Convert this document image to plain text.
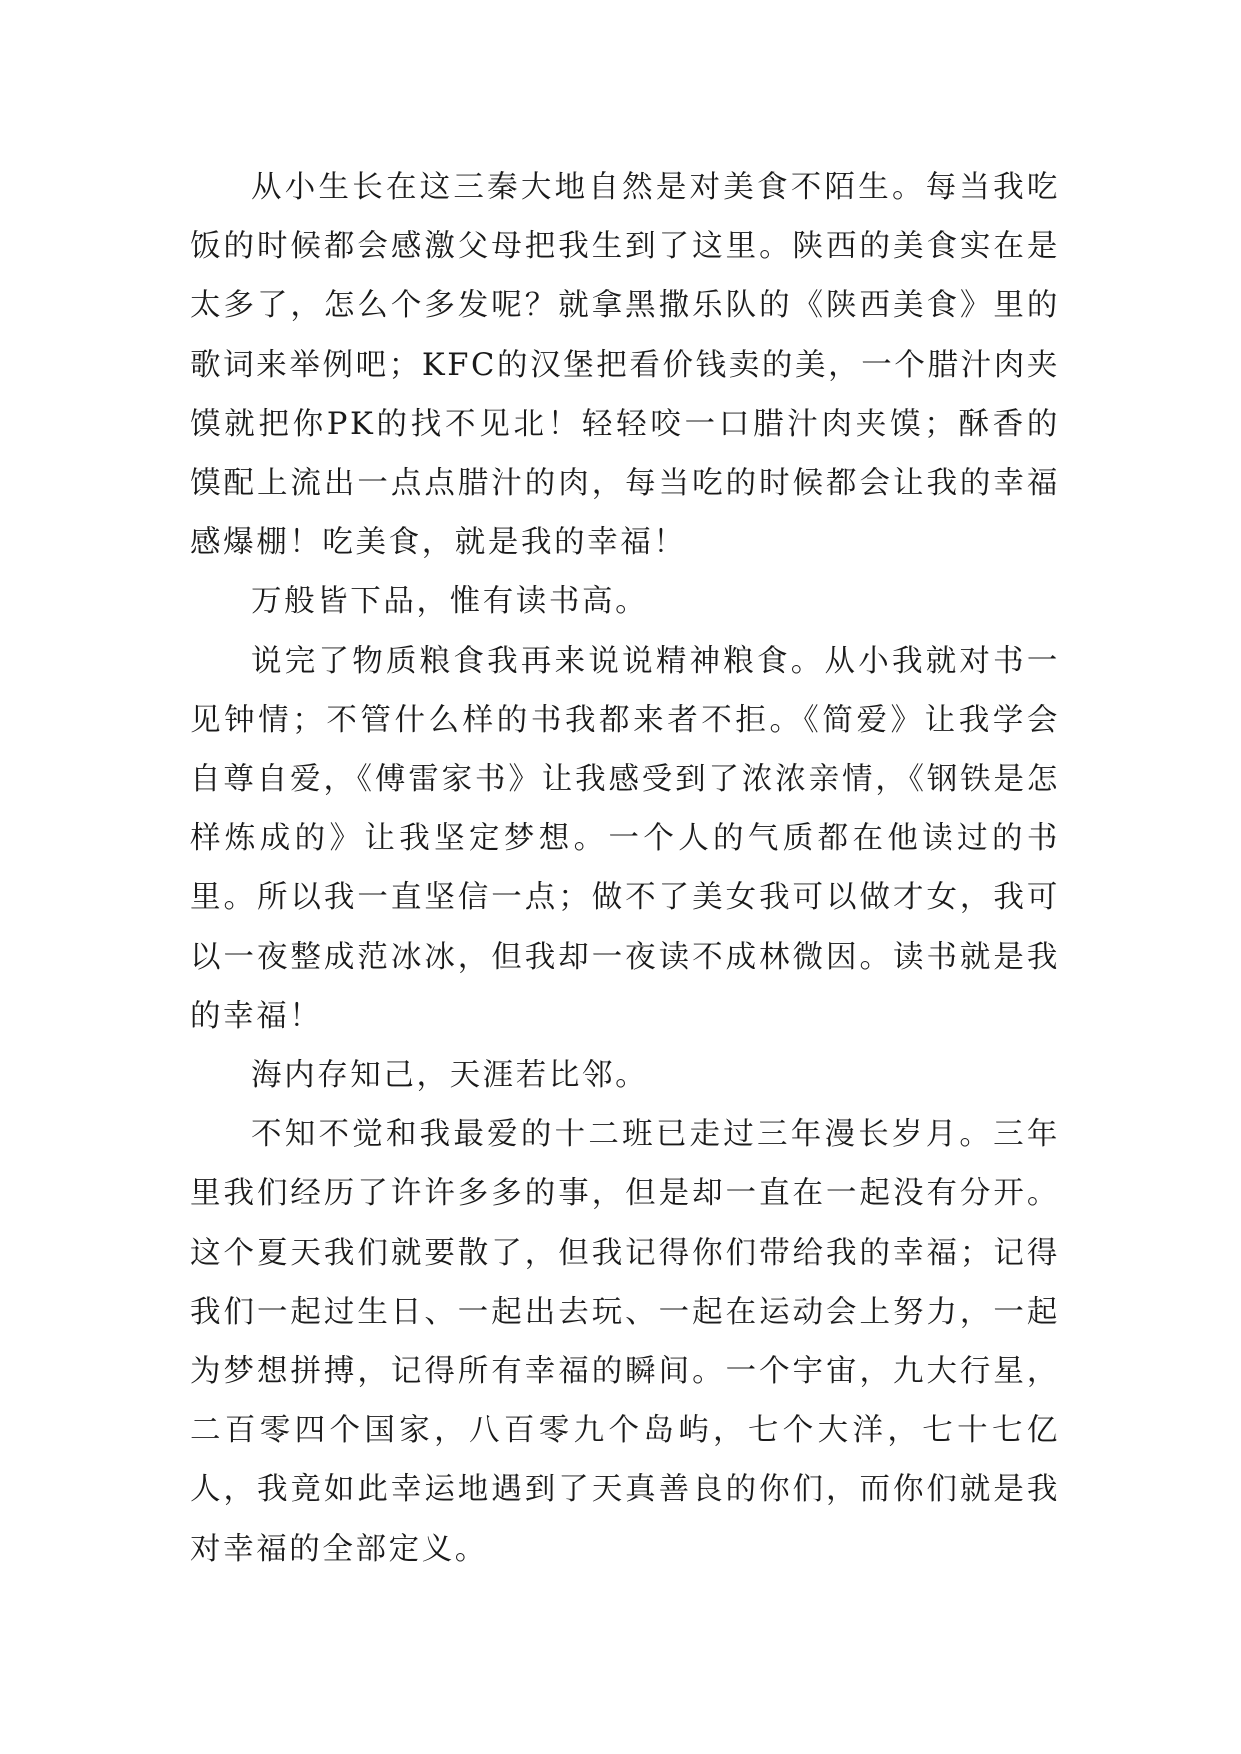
从小生长在这三秦大地自然是对美食不陌生。每当我吃饭的时候都会感激父母把我生到了这里。陕西的美食实在是太多了，怎么个多发呢？就拿黑撒乐队的《陕西美食》里的歌词来举例吧；KFC的汉堡把看价钱卖的美，一个腊汁肉夹馍就把你PK的找不见北！轻轻咬一口腊汁肉夹馍；酥香的馍配上流出一点点腊汁的肉，每当吃的时候都会让我的幸福感爆棚！吃美食，就是我的幸福！

万般皆下品，惟有读书高。

说完了物质粮食我再来说说精神粮食。从小我就对书一见钟情；不管什么样的书我都来者不拒。《简爱》让我学会自尊自爱，《傅雷家书》让我感受到了浓浓亲情，《钢铁是怎样炼成的》让我坚定梦想。一个人的气质都在他读过的书里。所以我一直坚信一点；做不了美女我可以做才女，我可以一夜整成范冰冰，但我却一夜读不成林微因。读书就是我的幸福！

海内存知己，天涯若比邻。

不知不觉和我最爱的十二班已走过三年漫长岁月。三年里我们经历了许许多多的事，但是却一直在一起没有分开。这个夏天我们就要散了，但我记得你们带给我的幸福；记得我们一起过生日、一起出去玩、一起在运动会上努力，一起为梦想拼搏，记得所有幸福的瞬间。一个宇宙，九大行星，二百零四个国家，八百零九个岛屿，七个大洋，七十七亿人，我竟如此幸运地遇到了天真善良的你们，而你们就是我对幸福的全部定义。
